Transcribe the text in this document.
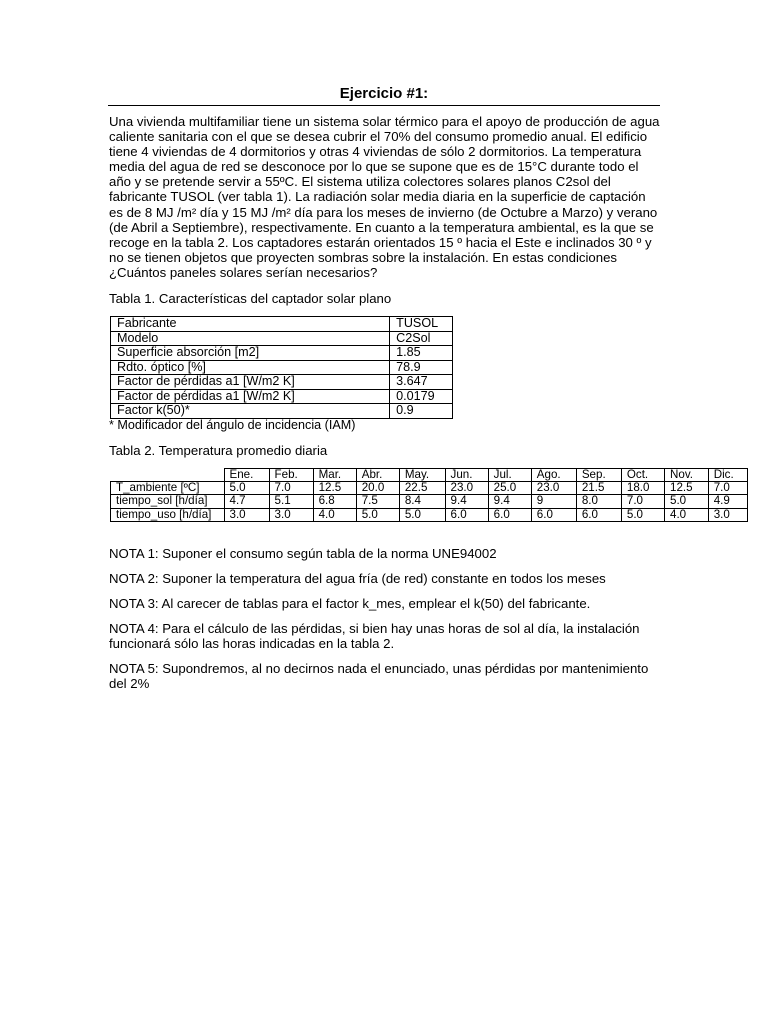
Ejercicio #1:

Una vivienda multifamiliar tiene un sistema solar térmico para el apoyo de producción de agua caliente sanitaria con el que se desea cubrir el 70% del consumo promedio anual. El edificio tiene 4 viviendas de 4 dormitorios y otras 4 viviendas de sólo 2 dormitorios. La temperatura media del agua de red se desconoce por lo que se supone que es de 15°C durante todo el año y se pretende servir a 55ºC. El sistema utiliza colectores solares planos C2sol del fabricante TUSOL (ver tabla 1). La radiación solar media diaria en la superficie de captación es de 8 MJ /m² día y 15 MJ /m² día para los meses de invierno (de Octubre a Marzo) y verano (de Abril a Septiembre), respectivamente. En cuanto a la temperatura ambiental, es la que se recoge en la tabla 2. Los captadores estarán orientados 15 º hacia el Este e inclinados 30 º y no se tienen objetos que proyecten sombras sobre la instalación. En estas condiciones ¿Cuántos paneles solares serían necesarios?

Tabla 1. Características del captador solar plano

Fabricante	TUSOL
Modelo	C2Sol
Superficie absorción [m2]	1.85
Rdto. óptico [%]	78.9
Factor de pérdidas a1 [W/m2 K]	3.647
Factor de pérdidas a1 [W/m2 K]	0.0179
Factor k(50)*	0.9

* Modificador del ángulo de incidencia (IAM)

Tabla 2. Temperatura promedio diaria

	Ene.	Feb.	Mar.	Abr.	May.	Jun.	Jul.	Ago.	Sep.	Oct.	Nov.	Dic.
T_ambiente [ºC]	5.0	7.0	12.5	20.0	22.5	23.0	25.0	23.0	21.5	18.0	12.5	7.0
tiempo_sol [h/día]	4.7	5.1	6.8	7.5	8.4	9.4	9.4	9	8.0	7.0	5.0	4.9
tiempo_uso [h/día]	3.0	3.0	4.0	5.0	5.0	6.0	6.0	6.0	6.0	5.0	4.0	3.0

NOTA 1: Suponer el consumo según tabla de la norma UNE94002

NOTA 2: Suponer la temperatura del agua fría (de red) constante en todos los meses

NOTA 3: Al carecer de tablas para el factor k_mes, emplear el k(50) del fabricante.

NOTA 4: Para el cálculo de las pérdidas, si bien hay unas horas de sol al día, la instalación funcionará sólo las horas indicadas en la tabla 2.

NOTA 5: Supondremos, al no decirnos nada el enunciado, unas pérdidas por mantenimiento del 2%
